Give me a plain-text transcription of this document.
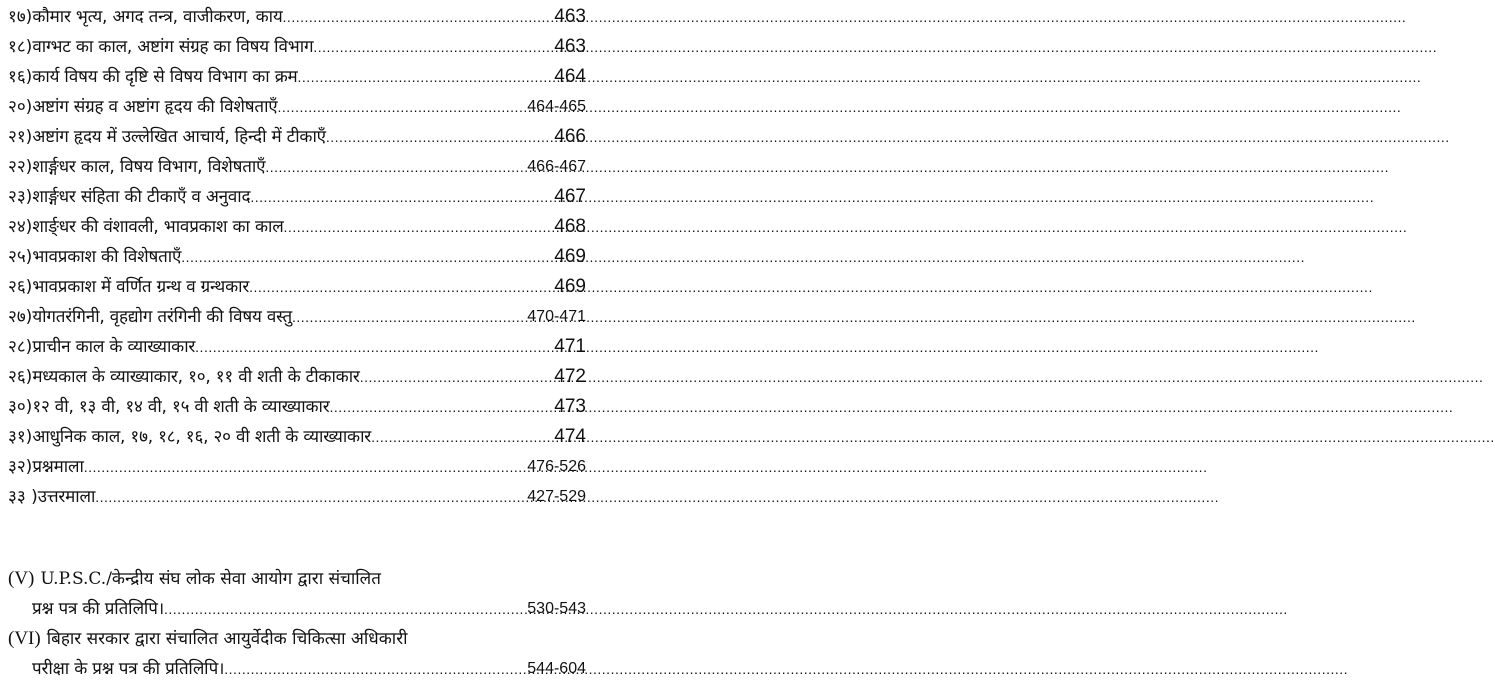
१७) कौमार भृत्य, अगद तन्त्र, वाजीकरण, काय .....	463
१८) वाग्भट का काल, अष्टांग संग्रह का विषय विभाग .....	463
१६) कार्य विषय की दृष्टि से विषय विभाग का क्रम .....	464
२०) अष्टांग संग्रह व अष्टांग हृदय की विशेषताएँ .....	464-465
२१) अष्टांग हृदय में उल्लेखित आचार्य, हिन्दी में टीकाएँ .....	466
२२) शार्ङ्गधर काल, विषय विभाग, विशेषताएँ .....	466-467
२३) शार्ङ्गधर संहिता की टीकाएँ व अनुवाद .....	467
२४) शार्ङ्धर की वंशावली, भावप्रकाश का काल .....	468
२५) भावप्रकाश की विशेषताएँ .....	469
२६) भावप्रकाश में वर्णित ग्रन्थ व ग्रन्थकार .....	469
२७) योगतरंगिनी, वृहद्योग तरंगिनी की विषय वस्तु .....	470-471
२८) प्राचीन काल के व्याख्याकार .....	471
२६) मध्यकाल के व्याख्याकार, १०, ११ वी शती के टीकाकार .....	472
३०) १२ वी, १३ वी, १४ वी, १५ वी शती के व्याख्याकार .....	473
३१) आधुनिक काल, १७, १८, १६, २० वी शती के व्याख्याकार .....	474
३२) प्रश्नमाला .....	476-526
३३ ) उत्तरमाला .....	427-529
(V) U.P.S.C./केन्द्रीय संघ लोक सेवा आयोग द्वारा संचालित
प्रश्न पत्र की प्रतिलिपि। .....	530-543
(VI) बिहार सरकार द्वारा संचालित आयुर्वेदीक चिकित्सा अधिकारी
परीक्षा के प्रश्न पत्र की प्रतिलिपि। .....	544-604
